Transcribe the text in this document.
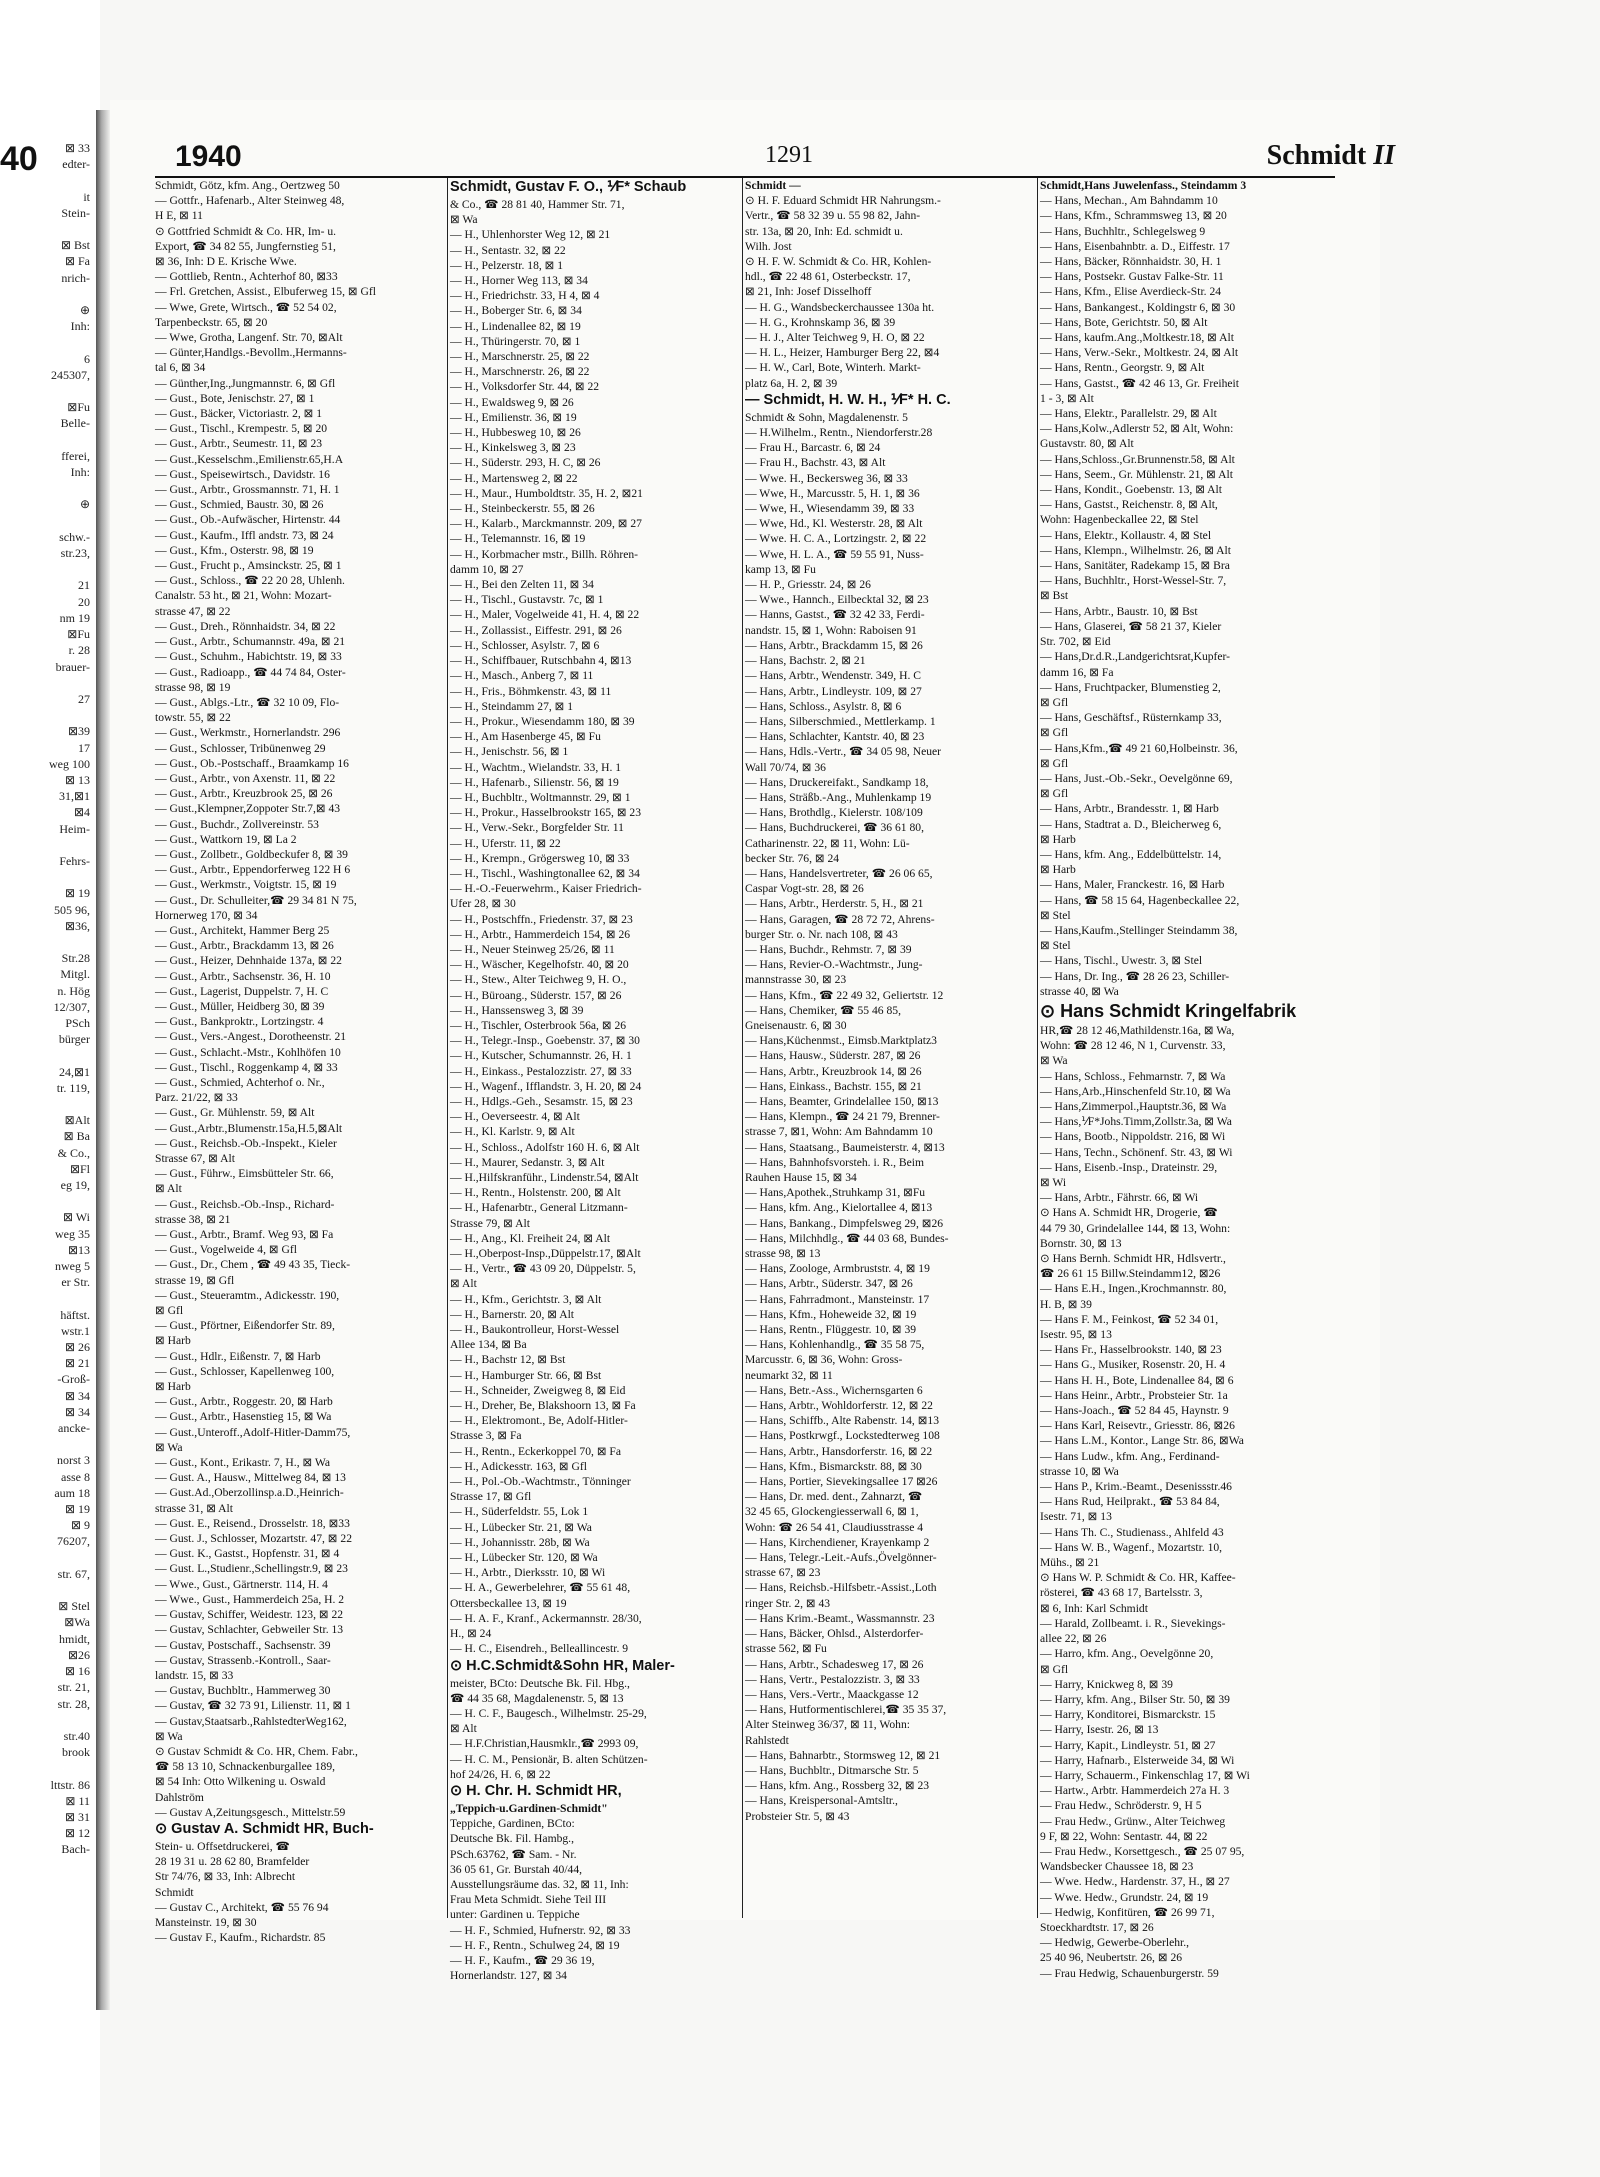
⊠ 33
edter-

it
Stein-

⊠ Bst
⊠ Fa
nrich-

⊕
Inh:

6
245307,

⊠Fu
Belle-

fferei,
Inh:

⊕

schw.-
str.23,

21
20
nm 19
⊠Fu
r. 28
brauer-

27

⊠39
17
weg 100
⊠ 13
31,⊠1
⊠4
Heim-

Fehrs-

⊠ 19
505 96,
⊠36,

Str.28
Mitgl.
n. Hög
12/307,
PSch
bürger

24,⊠1
tr. 119,

⊠Alt
⊠ Ba
& Co.,
⊠Fl
eg 19,

⊠ Wi
weg 35
⊠13
nweg 5
er Str.

häftst.
wstr.1
⊠ 26
⊠ 21
-Groß-
⊠ 34
⊠ 34
ancke-

norst 3
asse 8
aum 18
⊠ 19
⊠ 9
76207,

str. 67,

⊠ Stel
⊠Wa
hmidt,
⊠26
⊠ 16
str. 21,
str. 28,

str.40
brook

lttstr. 86
⊠ 11
⊠ 31
⊠ 12
Bach-
40	1940	1291	Schmidt II
Schmidt, Götz, kfm. Ang., Oertzweg 50
— Gottfr., Hafenarb., Alter Steinweg 48,
H E, ⊠ 11
⊙ Gottfried Schmidt & Co. HR, Im- u.
Export, ☎ 34 82 55, Jungfernstieg 51,
⊠ 36, Inh: D E. Krische Wwe.
— Gottlieb, Rentn., Achterhof 80, ⊠33
— Frl. Gretchen, Assist., Elbuferweg 15, ⊠ Gfl
— Wwe, Grete, Wirtsch., ☎ 52 54 02,
Tarpenbeckstr. 65, ⊠ 20
— Wwe, Grotha, Langenf. Str. 70, ⊠Alt
— Günter,Handlgs.-Bevollm.,Hermanns-
tal 6, ⊠ 34
— Günther,Ing.,Jungmannstr. 6, ⊠ Gfl
— Gust., Bote, Jenischstr. 27, ⊠ 1
— Gust., Bäcker, Victoriastr. 2, ⊠ 1
— Gust., Tischl., Krempestr. 5, ⊠ 20
— Gust., Arbtr., Seumestr. 11, ⊠ 23
— Gust.,Kesselschm.,Emilienstr.65,H.A
— Gust., Speisewirtsch., Davidstr. 16
— Gust., Arbtr., Grossmannstr. 71, H. 1
— Gust., Schmied, Baustr. 30, ⊠ 26
— Gust., Ob.-Aufwäscher, Hirtenstr. 44
— Gust., Kaufm., Iffl andstr. 73, ⊠ 24
— Gust., Kfm., Osterstr. 98, ⊠ 19
— Gust., Frucht p., Amsinckstr. 25, ⊠ 1
— Gust., Schloss., ☎ 22 20 28, Uhlenh.
Canalstr. 53 ht., ⊠ 21, Wohn: Mozart-
strasse 47, ⊠ 22
— Gust., Dreh., Rönnhaidstr. 34, ⊠ 22
— Gust., Arbtr., Schumannstr. 49a, ⊠ 21
— Gust., Schuhm., Habichtstr. 19, ⊠ 33
— Gust., Radioapp., ☎ 44 74 84, Oster-
strasse 98, ⊠ 19
— Gust., Ablgs.-Ltr., ☎ 32 10 09, Flo-
towstr. 55, ⊠ 22
— Gust., Werkmstr., Hornerlandstr. 296
— Gust., Schlosser, Tribünenweg 29
— Gust., Ob.-Postschaff., Braamkamp 16
— Gust., Arbtr., von Axenstr. 11, ⊠ 22
— Gust., Arbtr., Kreuzbrook 25, ⊠ 26
— Gust.,Klempner,Zoppoter Str.7,⊠ 43
— Gust., Buchdr., Zollvereinstr. 53
— Gust., Wattkorn 19, ⊠ La 2
— Gust., Zollbetr., Goldbeckufer 8, ⊠ 39
— Gust., Arbtr., Eppendorferweg 122 H 6
— Gust., Werkmstr., Voigtstr. 15, ⊠ 19
— Gust., Dr. Schulleiter,☎ 29 34 81 N 75,
Hornerweg 170, ⊠ 34
— Gust., Architekt, Hammer Berg 25
— Gust., Arbtr., Brackdamm 13, ⊠ 26
— Gust., Heizer, Dehnhaide 137a, ⊠ 22
— Gust., Arbtr., Sachsenstr. 36, H. 10
— Gust., Lagerist, Duppelstr. 7, H. C
— Gust., Müller, Heidberg 30, ⊠ 39
— Gust., Bankproktr., Lortzingstr. 4
— Gust., Vers.-Angest., Dorotheenstr. 21
— Gust., Schlacht.-Mstr., Kohlhöfen 10
— Gust., Tischl., Roggenkamp 4, ⊠ 33
— Gust., Schmied, Achterhof o. Nr.,
Parz. 21/22, ⊠ 33
— Gust., Gr. Mühlenstr. 59, ⊠ Alt
— Gust.,Arbtr.,Blumenstr.15a,H.5,⊠Alt
— Gust., Reichsb.-Ob.-Inspekt., Kieler
Strasse 67, ⊠ Alt
— Gust., Führw., Eimsbütteler Str. 66,
⊠ Alt
— Gust., Reichsb.-Ob.-Insp., Richard-
strasse 38, ⊠ 21
— Gust., Arbtr., Bramf. Weg 93, ⊠ Fa
— Gust., Vogelweide 4, ⊠ Gfl
— Gust., Dr., Chem , ☎ 49 43 35, Tieck-
strasse 19, ⊠ Gfl
— Gust., Steueramtm., Adickesstr. 190,
⊠ Gfl
— Gust., Pförtner, Eißendorfer Str. 89,
⊠ Harb
— Gust., Hdlr., Eißenstr. 7, ⊠ Harb
— Gust., Schlosser, Kapellenweg 100,
⊠ Harb
— Gust., Arbtr., Roggestr. 20, ⊠ Harb
— Gust., Arbtr., Hasenstieg 15, ⊠ Wa
— Gust.,Unteroff.,Adolf-Hitler-Damm75,
⊠ Wa
— Gust., Kont., Erikastr. 7, H., ⊠ Wa
— Gust. A., Hausw., Mittelweg 84, ⊠ 13
— Gust.Ad.,Oberzollinsp.a.D.,Heinrich-
strasse 31, ⊠ Alt
— Gust. E., Reisend., Drosselstr. 18, ⊠33
— Gust. J., Schlosser, Mozartstr. 47, ⊠ 22
— Gust. K., Gastst., Hopfenstr. 31, ⊠ 4
— Gust. L.,Studienr.,Schellingstr.9, ⊠ 23
— Wwe., Gust., Gärtnerstr. 114, H. 4
— Wwe., Gust., Hammerdeich 25a, H. 2
— Gustav, Schiffer, Weidestr. 123, ⊠ 22
— Gustav, Schlachter, Gebweiler Str. 13
— Gustav, Postschaff., Sachsenstr. 39
— Gustav, Strassenb.-Kontroll., Saar-
landstr. 15, ⊠ 33
— Gustav, Buchbltr., Hammerweg 30
— Gustav, ☎ 32 73 91, Lilienstr. 11, ⊠ 1
— Gustav,Staatsarb.,RahlstedterWeg162,
⊠ Wa
⊙ Gustav Schmidt & Co. HR, Chem. Fabr.,
☎ 58 13 10, Schnackenburgallee 189,
⊠ 54 Inh: Otto Wilkening u. Oswald
Dahlström
— Gustav A,Zeitungsgesch., Mittelstr.59
⊙ Gustav A. Schmidt HR, Buch-
Stein- u. Offsetdruckerei, ☎
28 19 31 u. 28 62 80, Bramfelder
Str 74/76, ⊠ 33, Inh: Albrecht
Schmidt
— Gustav C., Architekt, ☎ 55 76 94
Mansteinstr. 19, ⊠ 30
— Gustav F., Kaufm., Richardstr. 85
Schmidt, Gustav F. O., ⅟F* Schaub
& Co., ☎ 28 81 40, Hammer Str. 71,
⊠ Wa
— H., Uhlenhorster Weg 12, ⊠ 21
— H., Sentastr. 32, ⊠ 22
— H., Pelzerstr. 18, ⊠ 1
— H., Horner Weg 113, ⊠ 34
— H., Friedrichstr. 33, H 4, ⊠ 4
— H., Boberger Str. 6, ⊠ 34
— H., Lindenallee 82, ⊠ 19
— H., Thüringerstr. 70, ⊠ 1
— H., Marschnerstr. 25, ⊠ 22
— H., Marschnerstr. 26, ⊠ 22
— H., Volksdorfer Str. 44, ⊠ 22
— H., Ewaldsweg 9, ⊠ 26
— H., Emilienstr. 36, ⊠ 19
— H., Hubbesweg 10, ⊠ 26
— H., Kinkelsweg 3, ⊠ 23
— H., Süderstr. 293, H. C, ⊠ 26
— H., Martensweg 2, ⊠ 22
— H., Maur., Humboldtstr. 35, H. 2, ⊠21
— H., Steinbeckerstr. 55, ⊠ 26
— H., Kalarb., Marckmannstr. 209, ⊠ 27
— H., Telemannstr. 16, ⊠ 19
— H., Korbmacher mstr., Billh. Röhren-
damm 10, ⊠ 27
— H., Bei den Zelten 11, ⊠ 34
— H., Tischl., Gustavstr. 7c, ⊠ 1
— H., Maler, Vogelweide 41, H. 4, ⊠ 22
— H., Zollassist., Eiffestr. 291, ⊠ 26
— H., Schlosser, Asylstr. 7, ⊠ 6
— H., Schiffbauer, Rutschbahn 4, ⊠13
— H., Masch., Anberg 7, ⊠ 11
— H., Fris., Böhmkenstr. 43, ⊠ 11
— H., Steindamm 27, ⊠ 1
— H., Prokur., Wiesendamm 180, ⊠ 39
— H., Am Hasenberge 45, ⊠ Fu
— H., Jenischstr. 56, ⊠ 1
— H., Wachtm., Wielandstr. 33, H. 1
— H., Hafenarb., Silienstr. 56, ⊠ 19
— H., Buchbltr., Woltmannstr. 29, ⊠ 1
— H., Prokur., Hasselbrookstr 165, ⊠ 23
— H., Verw.-Sekr., Borgfelder Str. 11
— H., Uferstr. 11, ⊠ 22
— H., Krempn., Grögersweg 10, ⊠ 33
— H., Tischl., Washingtonallee 62, ⊠ 34
— H.-O.-Feuerwehrm., Kaiser Friedrich-
Ufer 28, ⊠ 30
— H., Postschffn., Friedenstr. 37, ⊠ 23
— H., Arbtr., Hammerdeich 154, ⊠ 26
— H., Neuer Steinweg 25/26, ⊠ 11
— H., Wäscher, Kegelhofstr. 40, ⊠ 20
— H., Stew., Alter Teichweg 9, H. O.,
— H., Büroang., Süderstr. 157, ⊠ 26
— H., Hanssensweg 3, ⊠ 39
— H., Tischler, Osterbrook 56a, ⊠ 26
— H., Telegr.-Insp., Goebenstr. 37, ⊠ 30
— H., Kutscher, Schumannstr. 26, H. 1
— H., Einkass., Pestalozzistr. 27, ⊠ 33
— H., Wagenf., Ifflandstr. 3, H. 20, ⊠ 24
— H., Hdlgs.-Geh., Sesamstr. 15, ⊠ 23
— H., Oeverseestr. 4, ⊠ Alt
— H., Kl. Karlstr. 9, ⊠ Alt
— H., Schloss., Adolfstr 160 H. 6, ⊠ Alt
— H., Maurer, Sedanstr. 3, ⊠ Alt
— H.,Hilfskranführ., Lindenstr.54, ⊠Alt
— H., Rentn., Holstenstr. 200, ⊠ Alt
— H., Hafenarbtr., General Litzmann-
Strasse 79, ⊠ Alt
— H., Ang., Kl. Freiheit 24, ⊠ Alt
— H.,Oberpost-Insp.,Düppelstr.17, ⊠Alt
— H., Vertr., ☎ 43 09 20, Düppelstr. 5,
⊠ Alt
— H., Kfm., Gerichtstr. 3, ⊠ Alt
— H., Barnerstr. 20, ⊠ Alt
— H., Baukontrolleur, Horst-Wessel
Allee 134, ⊠ Ba
— H., Bachstr 12, ⊠ Bst
— H., Hamburger Str. 66, ⊠ Bst
— H., Schneider, Zweigweg 8, ⊠ Eid
— H., Dreher, Be, Blakshoorn 13, ⊠ Fa
— H., Elektromont., Be, Adolf-Hitler-
Strasse 3, ⊠ Fa
— H., Rentn., Eckerkoppel 70, ⊠ Fa
— H., Adickesstr. 163, ⊠ Gfl
— H., Pol.-Ob.-Wachtmstr., Tönninger
Strasse 17, ⊠ Gfl
— H., Süderfeldstr. 55, Lok 1
— H., Lübecker Str. 21, ⊠ Wa
— H., Johannisstr. 28b, ⊠ Wa
— H., Lübecker Str. 120, ⊠ Wa
— H., Arbtr., Dierksstr. 10, ⊠ Wi
— H. A., Gewerbelehrer, ☎ 55 61 48,
Ottersbeckallee 13, ⊠ 19
— H. A. F., Kranf., Ackermannstr. 28/30,
H., ⊠ 24
— H. C., Eisendreh., Belleallincestr. 9
⊙ H.C.Schmidt&Sohn HR, Maler-
meister, BCto: Deutsche Bk. Fil. Hbg.,
☎ 44 35 68, Magdalenenstr. 5, ⊠ 13
— H. C. F., Baugesch., Wilhelmstr. 25-29,
⊠ Alt
— H.F.Christian,Hausmklr.,☎ 2993 09,
— H. C. M., Pensionär, B. alten Schützen-
hof 24/26, H. 6, ⊠ 22
⊙ H. Chr. H. Schmidt HR,
„Teppich-u.Gardinen-Schmidt"
Teppiche, Gardinen, BCto:
Deutsche Bk. Fil. Hambg.,
PSch.63762, ☎ Sam. - Nr.
36 05 61, Gr. Burstah 40/44,
Ausstellungsräume das. 32, ⊠ 11, Inh:
Frau Meta Schmidt. Siehe Teil III
unter: Gardinen u. Teppiche
— H. F., Schmied, Hufnerstr. 92, ⊠ 33
— H. F., Rentn., Schulweg 24, ⊠ 19
— H. F., Kaufm., ☎ 29 36 19,
Hornerlandstr. 127, ⊠ 34
Schmidt —
⊙ H. F. Eduard Schmidt HR Nahrungsm.-
Vertr., ☎ 58 32 39 u. 55 98 82, Jahn-
str. 13a, ⊠ 20, Inh: Ed. schmidt u.
Wilh. Jost
⊙ H. F. W. Schmidt & Co. HR, Kohlen-
hdl., ☎ 22 48 61, Osterbeckstr. 17,
⊠ 21, Inh: Josef Disselhoff
— H. G., Wandsbeckerchaussee 130a ht.
— H. G., Krohnskamp 36, ⊠ 39
— H. J., Alter Teichweg 9, H. O, ⊠ 22
— H. L., Heizer, Hamburger Berg 22, ⊠4
— H. W., Carl, Bote, Winterh. Markt-
platz 6a, H. 2, ⊠ 39
— Schmidt, H. W. H., ⅟F* H. C.
Schmidt & Sohn, Magdalenenstr. 5
— H.Wilhelm., Rentn., Niendorferstr.28
— Frau H., Barcastr. 6, ⊠ 24
— Frau H., Bachstr. 43, ⊠ Alt
— Wwe. H., Beckersweg 36, ⊠ 33
— Wwe, H., Marcusstr. 5, H. 1, ⊠ 36
— Wwe, H., Wiesendamm 39, ⊠ 33
— Wwe, Hd., Kl. Westerstr. 28, ⊠ Alt
— Wwe. H. C. A., Lortzingstr. 2, ⊠ 22
— Wwe, H. L. A., ☎ 59 55 91, Nuss-
kamp 13, ⊠ Fu
— H. P., Griesstr. 24, ⊠ 26
— Wwe., Hannch., Eilbecktal 32, ⊠ 23
— Hanns, Gastst., ☎ 32 42 33, Ferdi-
nandstr. 15, ⊠ 1, Wohn: Raboisen 91
— Hans, Arbtr., Brackdamm 15, ⊠ 26
— Hans, Bachstr. 2, ⊠ 21
— Hans, Arbtr., Wendenstr. 349, H. C
— Hans, Arbtr., Lindleystr. 109, ⊠ 27
— Hans, Schloss., Asylstr. 8, ⊠ 6
— Hans, Silberschmied., Mettlerkamp. 1
— Hans, Schlachter, Kantstr. 40, ⊠ 23
— Hans, Hdls.-Vertr., ☎ 34 05 98, Neuer
Wall 70/74, ⊠ 36
— Hans, Druckereifakt., Sandkamp 18,
— Hans, Sträßb.-Ang., Muhlenkamp 19
— Hans, Brothdlg., Kielerstr. 108/109
— Hans, Buchdruckerei, ☎ 36 61 80,
Catharinenstr. 22, ⊠ 11, Wohn: Lü-
becker Str. 76, ⊠ 24
— Hans, Handelsvertreter, ☎ 26 06 65,
Caspar Vogt-str. 28, ⊠ 26
— Hans, Arbtr., Herderstr. 5, H., ⊠ 21
— Hans, Garagen, ☎ 28 72 72, Ahrens-
burger Str. o. Nr. nach 108, ⊠ 43
— Hans, Buchdr., Rehmstr. 7, ⊠ 39
— Hans, Revier-O.-Wachtmstr., Jung-
mannstrasse 30, ⊠ 23
— Hans, Kfm., ☎ 22 49 32, Geliertstr. 12
— Hans, Chemiker, ☎ 55 46 85,
Gneisenaustr. 6, ⊠ 30
— Hans,Küchenmst., Eimsb.Marktplatz3
— Hans, Hausw., Süderstr. 287, ⊠ 26
— Hans, Arbtr., Kreuzbrook 14, ⊠ 26
— Hans, Einkass., Bachstr. 155, ⊠ 21
— Hans, Beamter, Grindelallee 150, ⊠13
— Hans, Klempn., ☎ 24 21 79, Brenner-
strasse 7, ⊠1, Wohn: Am Bahndamm 10
— Hans, Staatsang., Baumeisterstr. 4, ⊠13
— Hans, Bahnhofsvorsteh. i. R., Beim
Rauhen Hause 15, ⊠ 34
— Hans,Apothek.,Struhkamp 31, ⊠Fu
— Hans, kfm. Ang., Kielortallee 4, ⊠13
— Hans, Bankang., Dimpfelsweg 29, ⊠26
— Hans, Milchhdlg., ☎ 44 03 68, Bundes-
strasse 98, ⊠ 13
— Hans, Zoologe, Armbruststr. 4, ⊠ 19
— Hans, Arbtr., Süderstr. 347, ⊠ 26
— Hans, Fahrradmont., Mansteinstr. 17
— Hans, Kfm., Hoheweide 32, ⊠ 19
— Hans, Rentn., Flüggestr. 10, ⊠ 39
— Hans, Kohlenhandlg., ☎ 35 58 75,
Marcusstr. 6, ⊠ 36, Wohn: Gross-
neumarkt 32, ⊠ 11
— Hans, Betr.-Ass., Wichernsgarten 6
— Hans, Arbtr., Wohldorferstr. 12, ⊠ 22
— Hans, Schiffb., Alte Rabenstr. 14, ⊠13
— Hans, Postkrwgf., Lockstedterweg 108
— Hans, Arbtr., Hansdorferstr. 16, ⊠ 22
— Hans, Kfm., Bismarckstr. 88, ⊠ 30
— Hans, Portier, Sievekingsallee 17 ⊠26
— Hans, Dr. med. dent., Zahnarzt, ☎
32 45 65, Glockengiesserwall 6, ⊠ 1,
Wohn: ☎ 26 54 41, Claudiusstrasse 4
— Hans, Kirchendiener, Krayenkamp 2
— Hans, Telegr.-Leit.-Aufs.,Övelgönner-
strasse 67, ⊠ 23
— Hans, Reichsb.-Hilfsbetr.-Assist.,Loth
ringer Str. 2, ⊠ 43
— Hans Krim.-Beamt., Wassmannstr. 23
— Hans, Bäcker, Ohlsd., Alsterdorfer-
strasse 562, ⊠ Fu
— Hans, Arbtr., Schadesweg 17, ⊠ 26
— Hans, Vertr., Pestalozzistr. 3, ⊠ 33
— Hans, Vers.-Vertr., Maackgasse 12
— Hans, Hutformentischlerei,☎ 35 35 37,
Alter Steinweg 36/37, ⊠ 11, Wohn:
Rahlstedt
— Hans, Bahnarbtr., Stormsweg 12, ⊠ 21
— Hans, Buchbltr., Ditmarsche Str. 5
— Hans, kfm. Ang., Rossberg 32, ⊠ 23
— Hans, Kreispersonal-Amtsltr.,
Probsteier Str. 5, ⊠ 43
Schmidt,Hans Juwelenfass., Steindamm 3
— Hans, Mechan., Am Bahndamm 10
— Hans, Kfm., Schrammsweg 13, ⊠ 20
— Hans, Buchhltr., Schlegelsweg 9
— Hans, Eisenbahnbtr. a. D., Eiffestr. 17
— Hans, Bäcker, Rönnhaidstr. 30, H. 1
— Hans, Postsekr. Gustav Falke-Str. 11
— Hans, Kfm., Elise Averdieck-Str. 24
— Hans, Bankangest., Koldingstr 6, ⊠ 30
— Hans, Bote, Gerichtstr. 50, ⊠ Alt
— Hans, kaufm.Ang.,Moltkestr.18, ⊠ Alt
— Hans, Verw.-Sekr., Moltkestr. 24, ⊠ Alt
— Hans, Rentn., Georgstr. 9, ⊠ Alt
— Hans, Gastst., ☎ 42 46 13, Gr. Freiheit
1 - 3, ⊠ Alt
— Hans, Elektr., Parallelstr. 29, ⊠ Alt
— Hans,Kolw.,Adlerstr 52, ⊠ Alt, Wohn:
Gustavstr. 80, ⊠ Alt
— Hans,Schloss.,Gr.Brunnenstr.58, ⊠ Alt
— Hans, Seem., Gr. Mühlenstr. 21, ⊠ Alt
— Hans, Kondit., Goebenstr. 13, ⊠ Alt
— Hans, Gastst., Reichenstr. 8, ⊠ Alt,
Wohn: Hagenbeckallee 22, ⊠ Stel
— Hans, Elektr., Kollaustr. 4, ⊠ Stel
— Hans, Klempn., Wilhelmstr. 26, ⊠ Alt
— Hans, Sanitäter, Radekamp 15, ⊠ Bra
— Hans, Buchhltr., Horst-Wessel-Str. 7,
⊠ Bst
— Hans, Arbtr., Baustr. 10, ⊠ Bst
— Hans, Glaserei, ☎ 58 21 37, Kieler
Str. 702, ⊠ Eid
— Hans,Dr.d.R.,Landgerichtsrat,Kupfer-
damm 16, ⊠ Fa
— Hans, Fruchtpacker, Blumenstieg 2,
⊠ Gfl
— Hans, Geschäftsf., Rüsternkamp 33,
⊠ Gfl
— Hans,Kfm.,☎ 49 21 60,Holbeinstr. 36,
⊠ Gfl
— Hans, Just.-Ob.-Sekr., Oevelgönne 69,
⊠ Gfl
— Hans, Arbtr., Brandesstr. 1, ⊠ Harb
— Hans, Stadtrat a. D., Bleicherweg 6,
⊠ Harb
— Hans, kfm. Ang., Eddelbüttelstr. 14,
⊠ Harb
— Hans, Maler, Franckestr. 16, ⊠ Harb
— Hans, ☎ 58 15 64, Hagenbeckallee 22,
⊠ Stel
— Hans,Kaufm.,Stellinger Steindamm 38,
⊠ Stel
— Hans, Tischl., Uwestr. 3, ⊠ Stel
— Hans, Dr. Ing., ☎ 28 26 23, Schiller-
strasse 40, ⊠ Wa
⊙ Hans Schmidt Kringelfabrik
HR,☎ 28 12 46,Mathildenstr.16a, ⊠ Wa,
Wohn: ☎ 28 12 46, N 1, Curvenstr. 33,
⊠ Wa
— Hans, Schloss., Fehmarnstr. 7, ⊠ Wa
— Hans,Arb.,Hinschenfeld Str.10, ⊠ Wa
— Hans,Zimmerpol.,Hauptstr.36, ⊠ Wa
— Hans,⅟F*Johs.Timm,Zollstr.3a, ⊠ Wa
— Hans, Bootb., Nippoldstr. 216, ⊠ Wi
— Hans, Techn., Schönenf. Str. 43, ⊠ Wi
— Hans, Eisenb.-Insp., Drateinstr. 29,
⊠ Wi
— Hans, Arbtr., Fährstr. 66, ⊠ Wi
⊙ Hans A. Schmidt HR, Drogerie, ☎
44 79 30, Grindelallee 144, ⊠ 13, Wohn:
Bornstr. 30, ⊠ 13
⊙ Hans Bernh. Schmidt HR, Hdlsvertr.,
☎ 26 61 15 Billw.Steindamm12, ⊠26
— Hans E.H., Ingen.,Krochmannstr. 80,
H. B, ⊠ 39
— Hans F. M., Feinkost, ☎ 52 34 01,
Isestr. 95, ⊠ 13
— Hans Fr., Hasselbrookstr. 140, ⊠ 23
— Hans G., Musiker, Rosenstr. 20, H. 4
— Hans H. H., Bote, Lindenallee 84, ⊠ 6
— Hans Heinr., Arbtr., Probsteier Str. 1a
— Hans-Joach., ☎ 52 84 45, Haynstr. 9
— Hans Karl, Reisevtr., Griesstr. 86, ⊠26
— Hans L.M., Kontor., Lange Str. 86, ⊠Wa
— Hans Ludw., kfm. Ang., Ferdinand-
strasse 10, ⊠ Wa
— Hans P., Krim.-Beamt., Desenissstr.46
— Hans Rud, Heilprakt., ☎ 53 84 84,
Isestr. 71, ⊠ 13
— Hans Th. C., Studienass., Ahlfeld 43
— Hans W. B., Wagenf., Mozartstr. 10,
Mühs., ⊠ 21
⊙ Hans W. P. Schmidt & Co. HR, Kaffee-
rösterei, ☎ 43 68 17, Bartelsstr. 3,
⊠ 6, Inh: Karl Schmidt
— Harald, Zollbeamt. i. R., Sievekings-
allee 22, ⊠ 26
— Harro, kfm. Ang., Oevelgönne 20,
⊠ Gfl
— Harry, Knickweg 8, ⊠ 39
— Harry, kfm. Ang., Bilser Str. 50, ⊠ 39
— Harry, Konditorei, Bismarckstr. 15
— Harry, Isestr. 26, ⊠ 13
— Harry, Kapit., Lindleystr. 51, ⊠ 27
— Harry, Hafnarb., Elsterweide 34, ⊠ Wi
— Harry, Schauerm., Finkenschlag 17, ⊠ Wi
— Hartw., Arbtr. Hammerdeich 27a H. 3
— Frau Hedw., Schröderstr. 9, H 5
— Frau Hedw., Grünw., Alter Teichweg
9 F, ⊠ 22, Wohn: Sentastr. 44, ⊠ 22
— Frau Hedw., Korsettgesch., ☎ 25 07 95,
Wandsbecker Chaussee 18, ⊠ 23
— Wwe. Hedw., Hardenstr. 37, H., ⊠ 27
— Wwe. Hedw., Grundstr. 24, ⊠ 19
— Hedwig, Konfitüren, ☎ 26 99 71,
Stoeckhardtstr. 17, ⊠ 26
— Hedwig, Gewerbe-Oberlehr.,
25 40 96, Neubertstr. 26, ⊠ 26
— Frau Hedwig, Schauenburgerstr. 59
